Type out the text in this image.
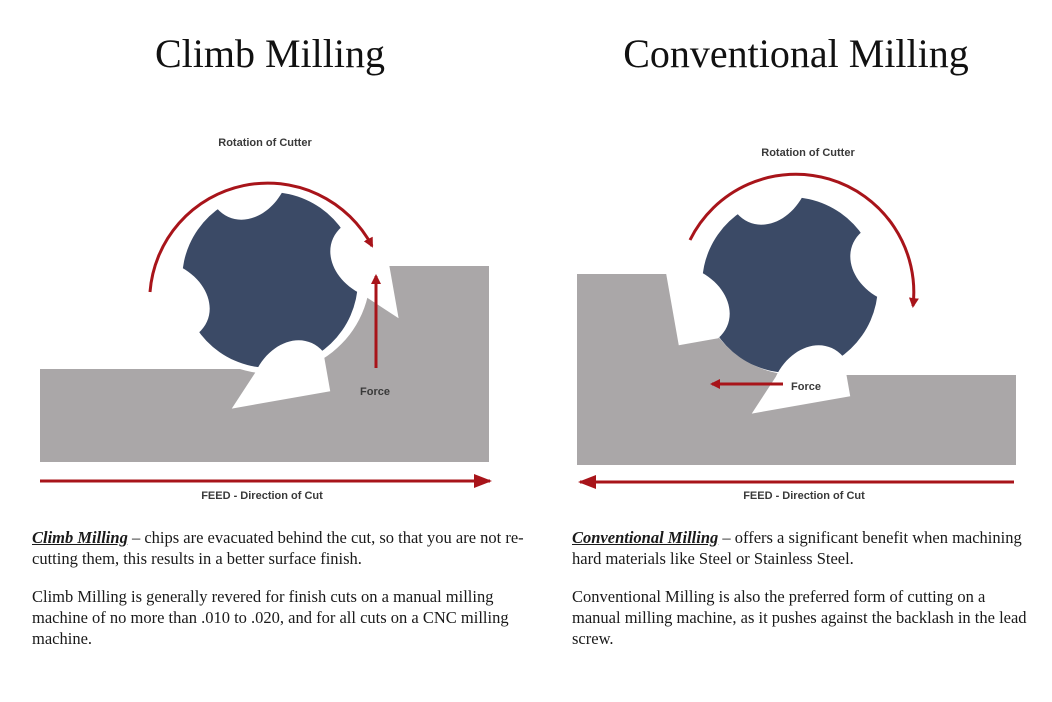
Climb Milling	Conventional Milling
Rotation of Cutter
Force
FEED - Direction of Cut
Rotation of Cutter
Force
FEED - Direction of Cut

Climb Milling – chips are evacuated behind the cut, so that you are not re-cutting them, this results in a better surface finish.

Climb Milling is generally revered for finish cuts on a manual milling machine of no more than .010 to .020, and for all cuts on a CNC milling machine.

Conventional Milling – offers a significant benefit when machining hard materials like Steel or Stainless Steel.

Conventional Milling is also the preferred form of cutting on a manual milling machine, as it pushes against the backlash in the lead screw.
